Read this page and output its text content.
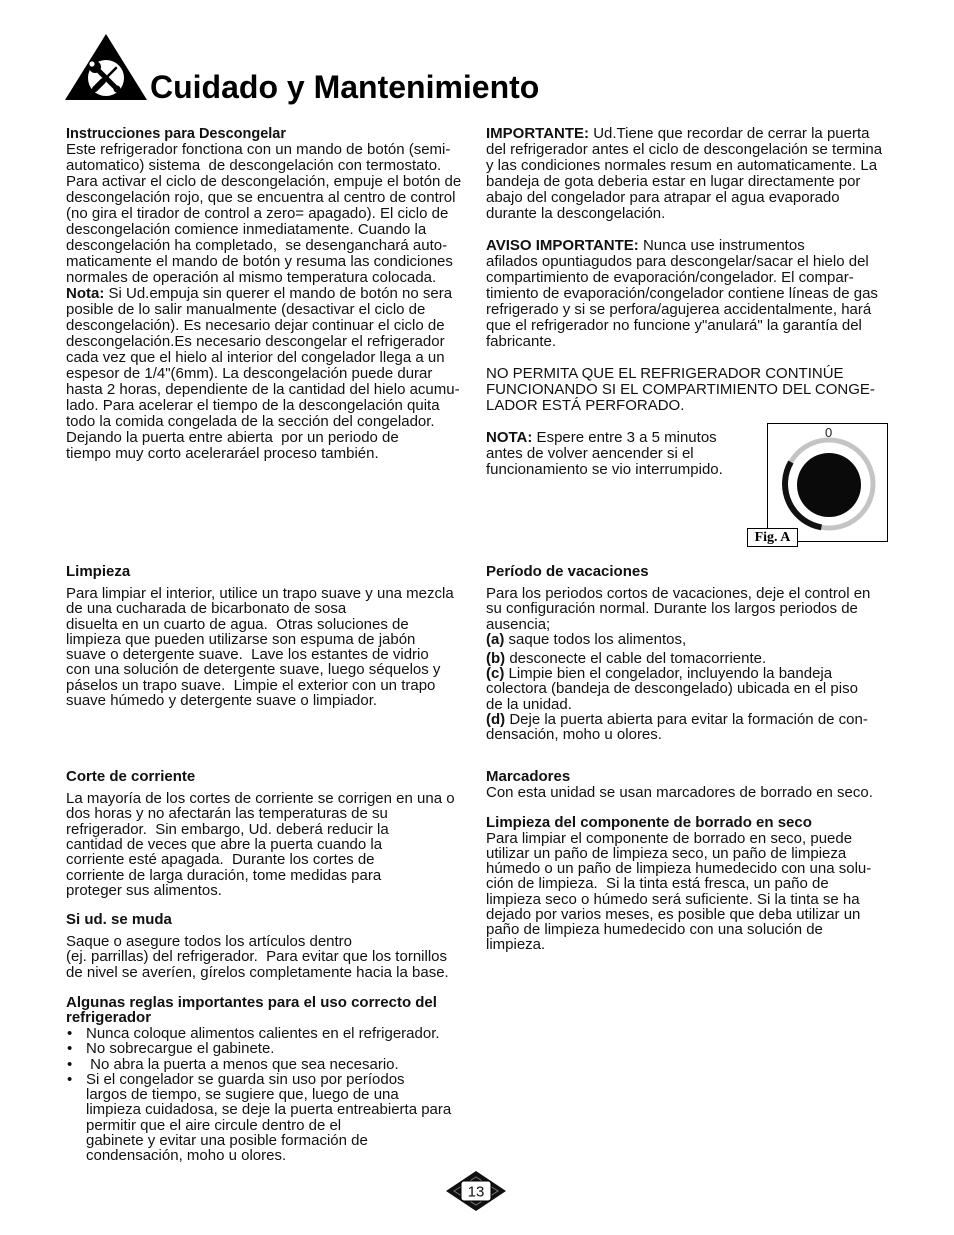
Cuidado y Mantenimiento
Instrucciones para Descongelar
Este refrigerador fonctiona con un mando de botón (semi-
automatico) sistema  de descongelación con termostato.
Para activar el ciclo de descongelación, empuje el botón de
descongelación rojo, que se encuentra al centro de control
(no gira el tirador de control a zero= apagado). El ciclo de
descongelación comience inmediatamente. Cuando la
descongelación ha completado,  se desenganchará auto-
maticamente el mando de botón y resuma las condiciones
normales de operación al mismo temperatura colocada.
Nota: Si Ud.empuja sin querer el mando de botón no sera
posible de lo salir manualmente (desactivar el ciclo de
descongelación). Es necesario dejar continuar el ciclo de
descongelación.Es necesario descongelar el refrigerador
cada vez que el hielo al interior del congelador llega a un
espesor de 1/4"(6mm). La descongelación puede durar
hasta 2 horas, dependiente de la cantidad del hielo acumu-
lado. Para acelerar el tiempo de la descongelación quita
todo la comida congelada de la sección del congelador.
Dejando la puerta entre abierta  por un periodo de
tiempo muy corto aceleraráel proceso también.
IMPORTANTE: Ud.Tiene que recordar de cerrar la puerta
del refrigerador antes el ciclo de descongelación se termina
y las condiciones normales resum en automaticamente. La
bandeja de gota deberia estar en lugar directamente por
abajo del congelador para atrapar el agua evaporado
durante la descongelación.
AVISO IMPORTANTE: Nunca use instrumentos
afilados opuntiagudos para descongelar/sacar el hielo del
compartimiento de evaporación/congelador. El compar-
timiento de evaporación/congelador contiene líneas de gas
refrigerado y si se perfora/agujerea accidentalmente, hará
que el refrigerador no funcione y"anulará" la garantía del
fabricante.
NO PERMITA QUE EL REFRIGERADOR CONTINÚE
FUNCIONANDO SI EL COMPARTIMIENTO DEL CONGE-
LADOR ESTÁ PERFORADO.
NOTA: Espere entre 3 a 5 minutos
antes de volver aencender si el
funcionamiento se vio interrumpido.
0
Fig. A
Limpieza
Para limpiar el interior, utilice un trapo suave y una mezcla
de una cucharada de bicarbonato de sosa
disuelta en un cuarto de agua.  Otras soluciones de
limpieza que pueden utilizarse son espuma de jabón
suave o detergente suave.  Lave los estantes de vidrio
con una solución de detergente suave, luego séquelos y
páselos un trapo suave.  Limpie el exterior con un trapo
suave húmedo y detergente suave o limpiador.
Período de vacaciones
Para los periodos cortos de vacaciones, deje el control en
su configuración normal. Durante los largos periodos de
ausencia;
(a) saque todos los alimentos,
(b) desconecte el cable del tomacorriente.
(c) Limpie bien el congelador, incluyendo la bandeja
colectora (bandeja de descongelado) ubicada en el piso
de la unidad.
(d) Deje la puerta abierta para evitar la formación de con-
densación, moho u olores.
Corte de corriente
La mayoría de los cortes de corriente se corrigen en una o
dos horas y no afectarán las temperaturas de su
refrigerador.  Sin embargo, Ud. deberá reducir la
cantidad de veces que abre la puerta cuando la
corriente esté apagada.  Durante los cortes de
corriente de larga duración, tome medidas para
proteger sus alimentos.
Si ud. se muda
Saque o asegure todos los artículos dentro
(ej. parrillas) del refrigerador.  Para evitar que los tornillos
de nivel se averíen, gírelos completamente hacia la base.
Algunas reglas importantes para el uso correcto del
refrigerador
• Nunca coloque alimentos calientes en el refrigerador.
• No sobrecargue el gabinete.
•  No abra la puerta a menos que sea necesario.
• Si el congelador se guarda sin uso por períodos
largos de tiempo, se sugiere que, luego de una
limpieza cuidadosa, se deje la puerta entreabierta para
permitir que el aire circule dentro de el
gabinete y evitar una posible formación de
condensación, moho u olores.
Marcadores
Con esta unidad se usan marcadores de borrado en seco.
Limpieza del componente de borrado en seco
Para limpiar el componente de borrado en seco, puede
utilizar un paño de limpieza seco, un paño de limpieza
húmedo o un paño de limpieza humedecido con una solu-
ción de limpieza.  Si la tinta está fresca, un paño de
limpieza seco o húmedo será suficiente. Si la tinta se ha
dejado por varios meses, es posible que deba utilizar un
paño de limpieza humedecido con una solución de
limpieza.
13
